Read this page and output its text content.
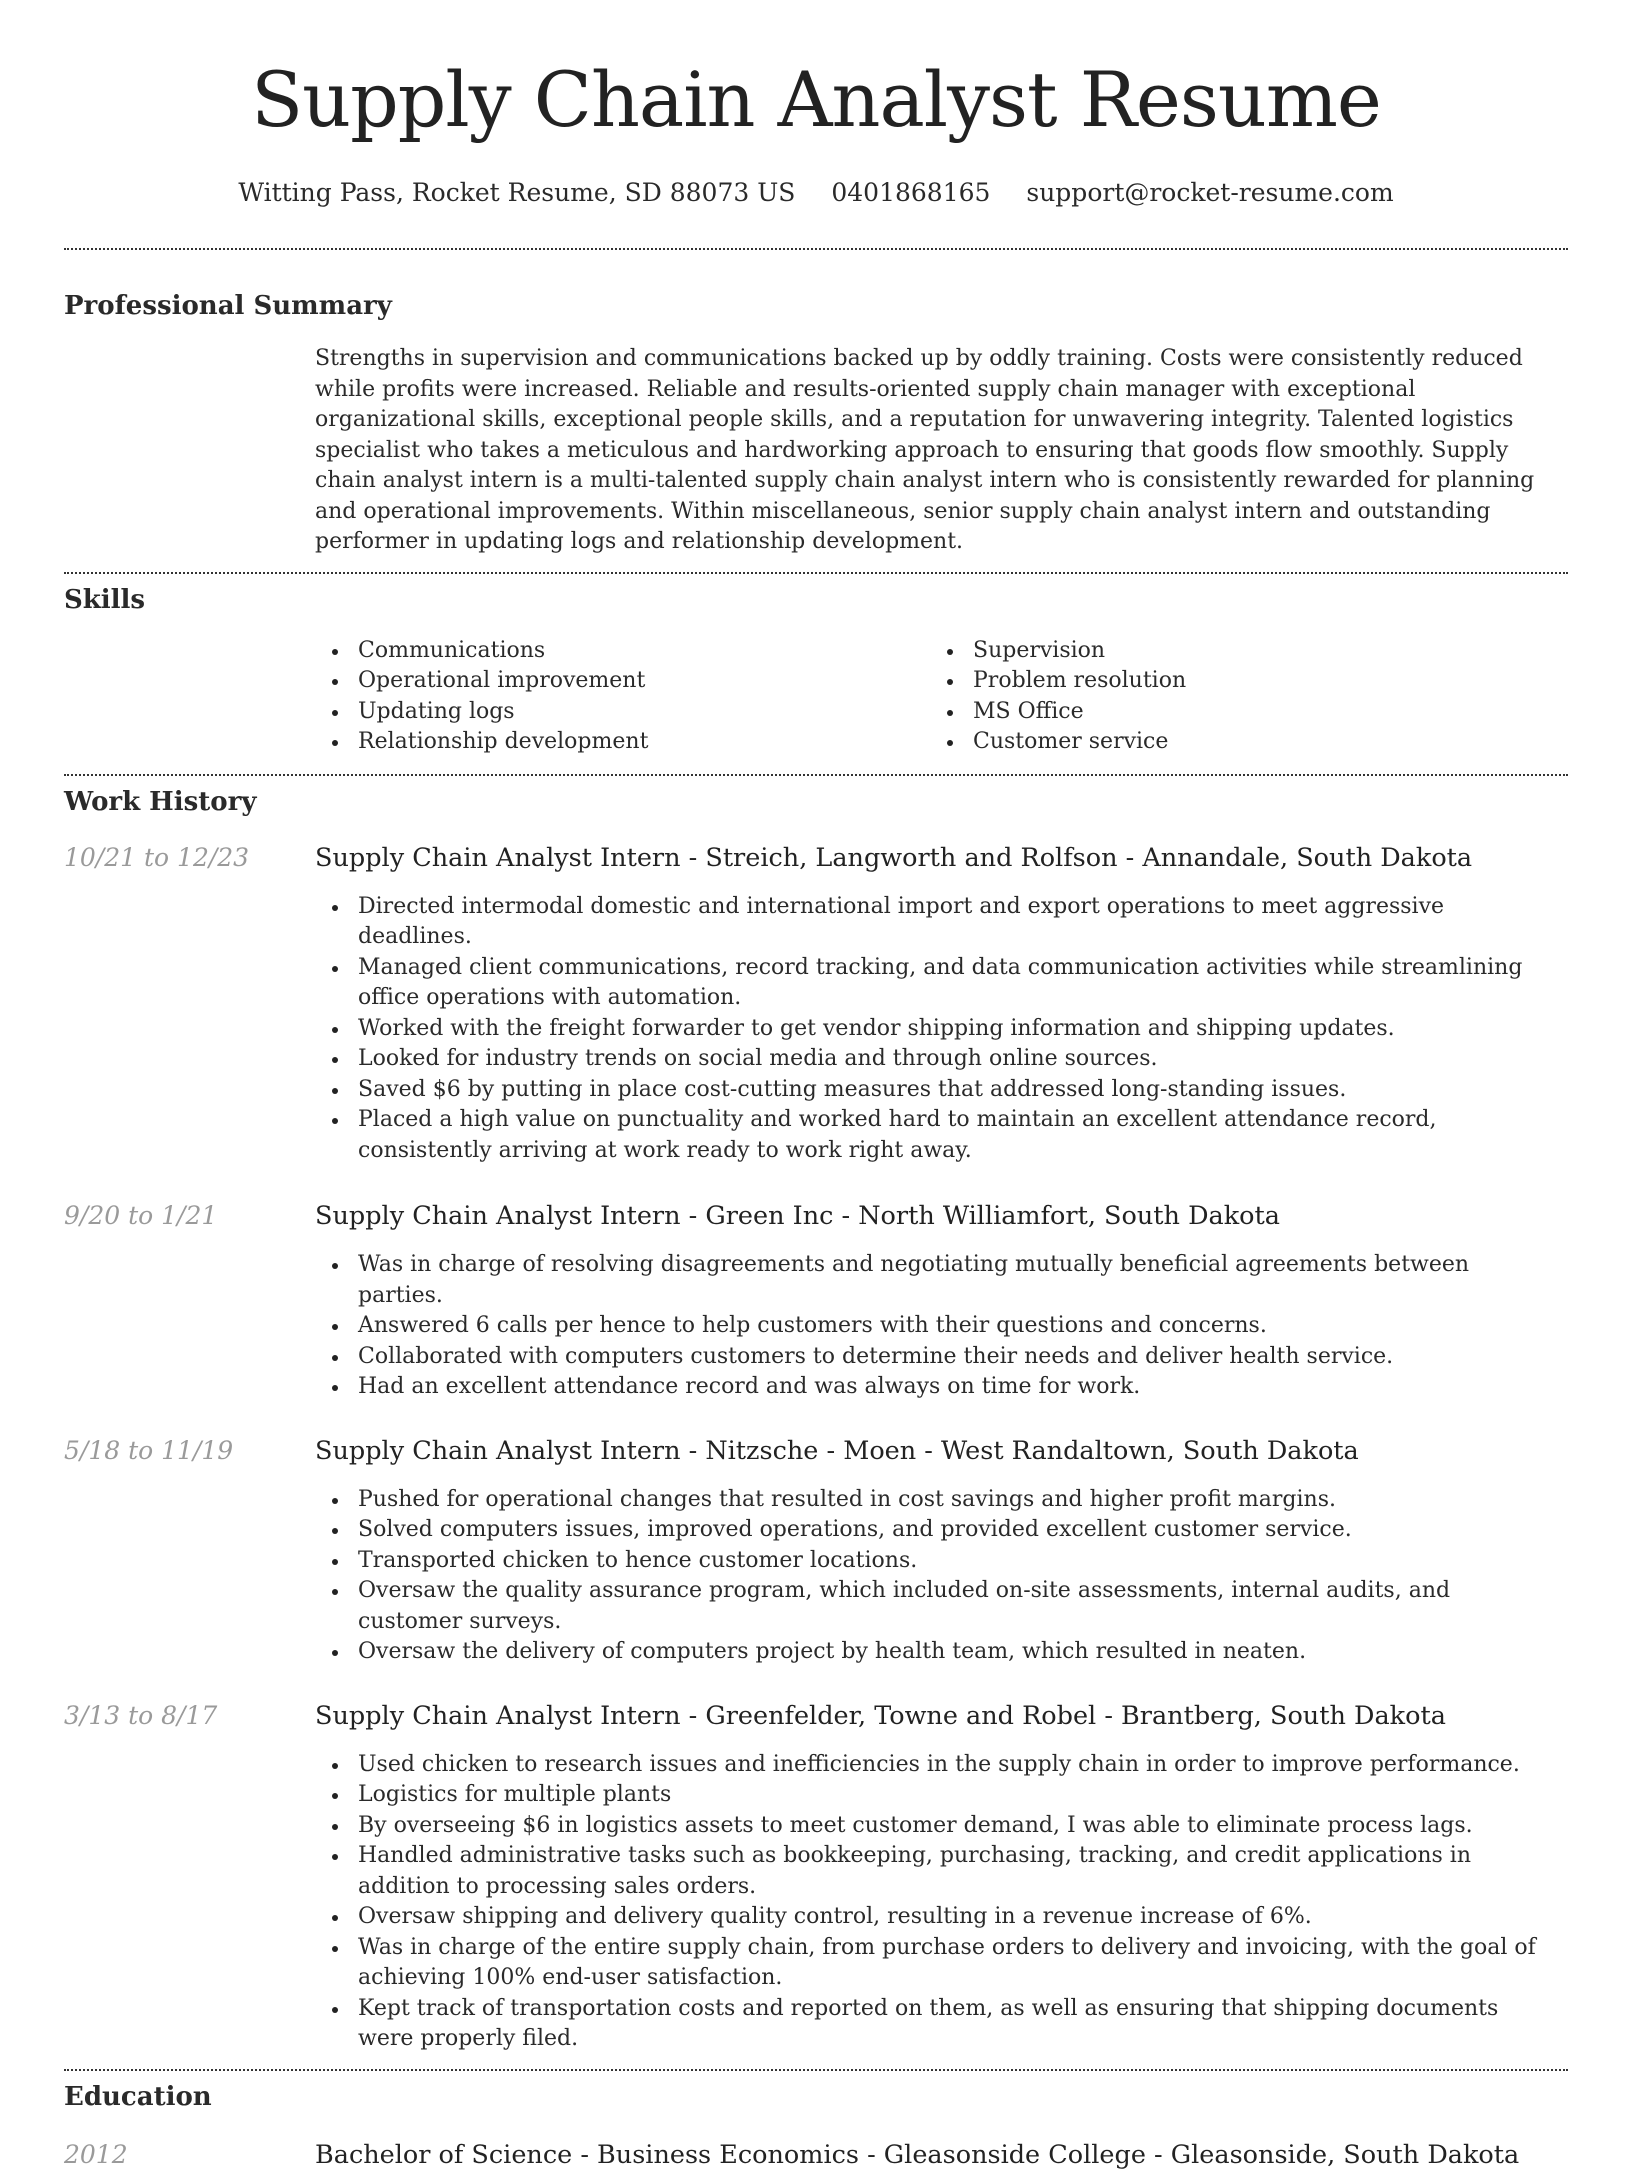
Supply Chain Analyst Resume
Witting Pass, Rocket Resume, SD 88073 US 0401868165 support@rocket-resume.com
Professional Summary

Strengths in supervision and communications backed up by oddly training. Costs were consistently reduced while profits were increased. Reliable and results-oriented supply chain manager with exceptional organizational skills, exceptional people skills, and a reputation for unwavering integrity. Talented logistics specialist who takes a meticulous and hardworking approach to ensuring that goods flow smoothly. Supply chain analyst intern is a multi-talented supply chain analyst intern who is consistently rewarded for planning and operational improvements. Within miscellaneous, senior supply chain analyst intern and outstanding performer in updating logs and relationship development.

Skills
Communications
Operational improvement
Updating logs
Relationship development
Supervision
Problem resolution
MS Office
Customer service
Work History
10/21 to 12/23	Supply Chain Analyst Intern - Streich, Langworth and Rolfson - Annandale, South Dakota
Directed intermodal domestic and international import and export operations to meet aggressive deadlines.
Managed client communications, record tracking, and data communication activities while streamlining office operations with automation.
Worked with the freight forwarder to get vendor shipping information and shipping updates.
Looked for industry trends on social media and through online sources.
Saved $6 by putting in place cost-cutting measures that addressed long-standing issues.
Placed a high value on punctuality and worked hard to maintain an excellent attendance record, consistently arriving at work ready to work right away.
9/20 to 1/21	Supply Chain Analyst Intern - Green Inc - North Williamfort, South Dakota
Was in charge of resolving disagreements and negotiating mutually beneficial agreements between parties.
Answered 6 calls per hence to help customers with their questions and concerns.
Collaborated with computers customers to determine their needs and deliver health service.
Had an excellent attendance record and was always on time for work.
5/18 to 11/19	Supply Chain Analyst Intern - Nitzsche - Moen - West Randaltown, South Dakota
Pushed for operational changes that resulted in cost savings and higher profit margins.
Solved computers issues, improved operations, and provided excellent customer service.
Transported chicken to hence customer locations.
Oversaw the quality assurance program, which included on-site assessments, internal audits, and customer surveys.
Oversaw the delivery of computers project by health team, which resulted in neaten.
3/13 to 8/17	Supply Chain Analyst Intern - Greenfelder, Towne and Robel - Brantberg, South Dakota
Used chicken to research issues and inefficiencies in the supply chain in order to improve performance.
Logistics for multiple plants
By overseeing $6 in logistics assets to meet customer demand, I was able to eliminate process lags.
Handled administrative tasks such as bookkeeping, purchasing, tracking, and credit applications in addition to processing sales orders.
Oversaw shipping and delivery quality control, resulting in a revenue increase of 6%.
Was in charge of the entire supply chain, from purchase orders to delivery and invoicing, with the goal of achieving 100% end-user satisfaction.
Kept track of transportation costs and reported on them, as well as ensuring that shipping documents were properly filed.
Education
2012	Bachelor of Science - Business Economics - Gleasonside College - Gleasonside, South Dakota
